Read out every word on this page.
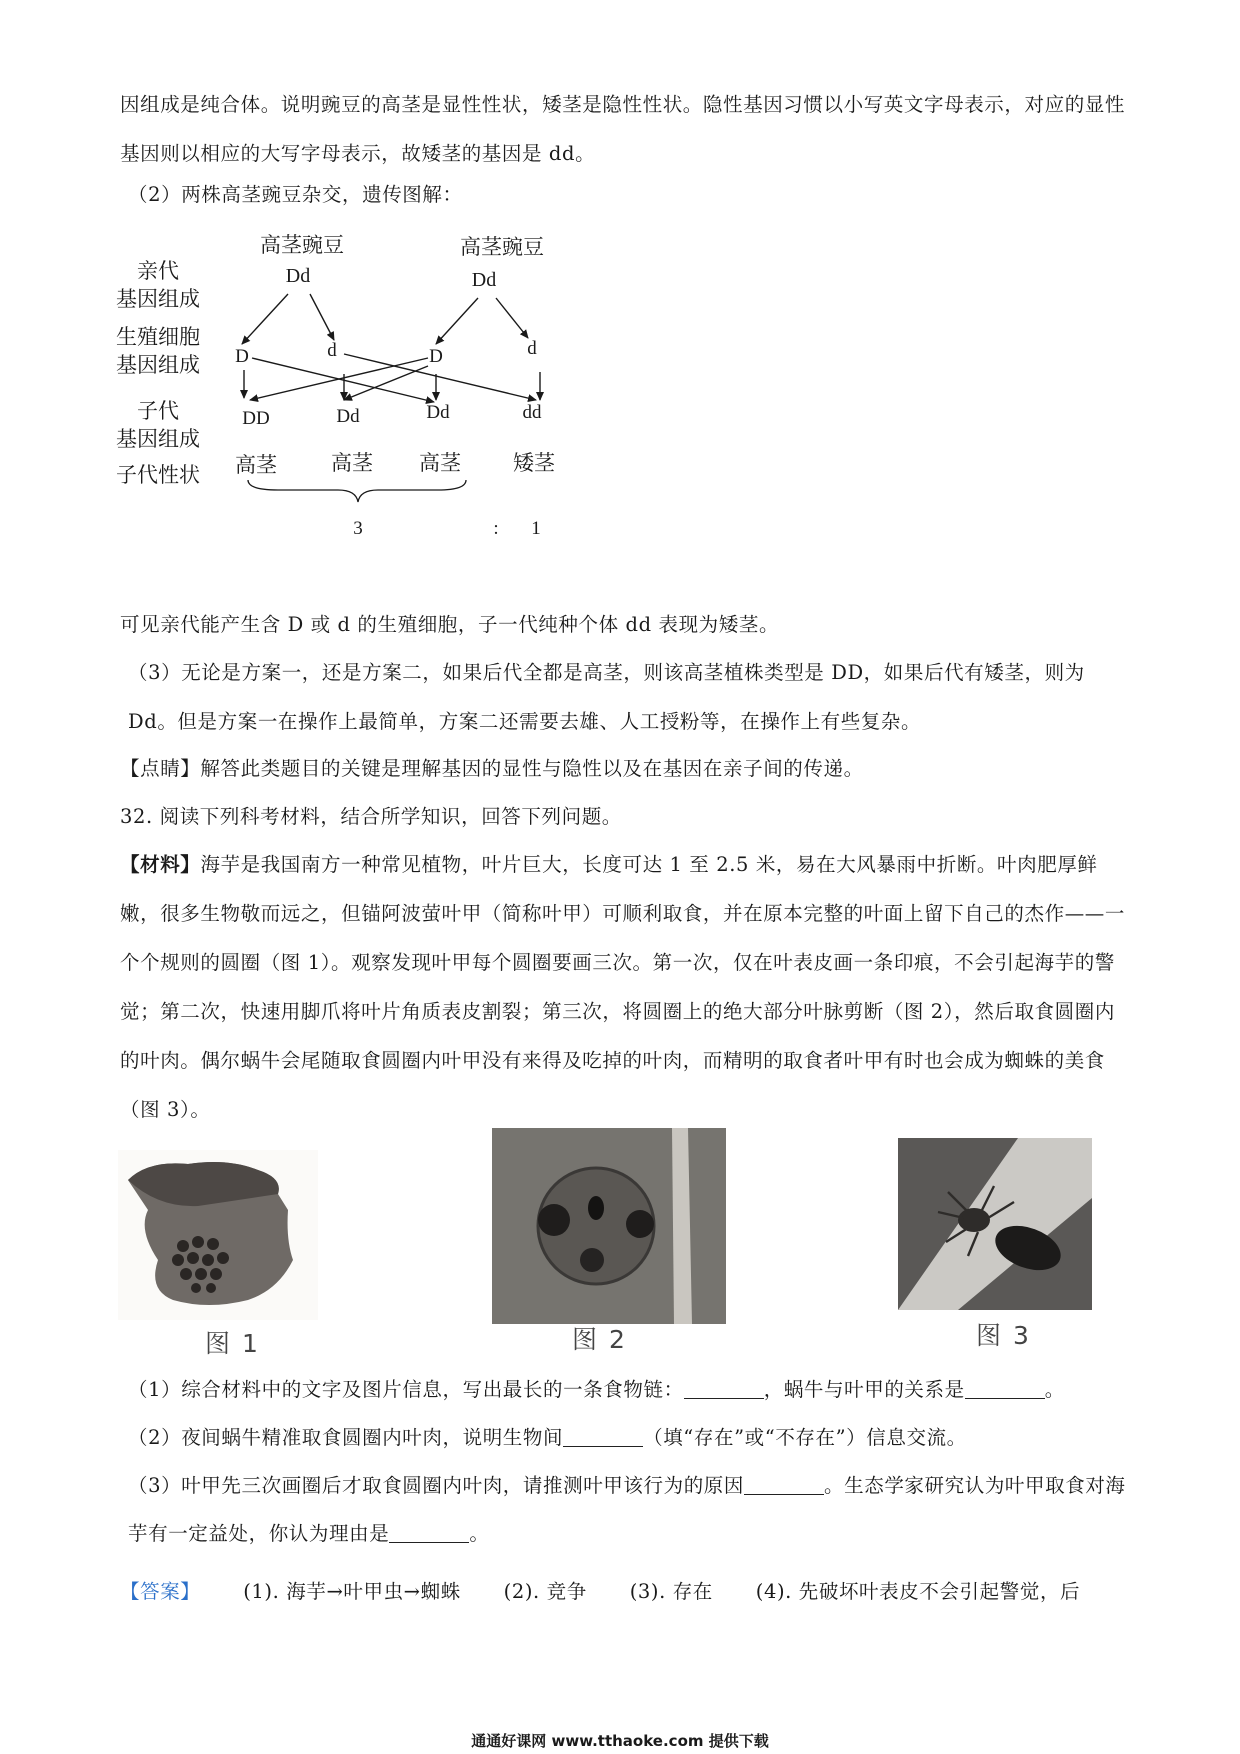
因组成是纯合体。说明豌豆的高茎是显性性状，矮茎是隐性性状。隐性基因习惯以小写英文字母表示，对应的显性基因则以相应的大写字母表示，故矮茎的基因是 dd。

（2）两株高茎豌豆杂交，遗传图解：

亲代
基因组成
生殖细胞
基因组成
子代
基因组成
子代性状
高茎豌豆
Dd
高茎豌豆
Dd
D	d	D	d
DD	Dd	Dd	dd
高茎	高茎 高茎 矮茎
3	: 1

可见亲代能产生含 D 或 d 的生殖细胞，子一代纯种个体 dd 表现为矮茎。

（3）无论是方案一，还是方案二，如果后代全都是高茎，则该高茎植株类型是 DD，如果后代有矮茎，则为 Dd。但是方案一在操作上最简单，方案二还需要去雄、人工授粉等，在操作上有些复杂。

【点睛】解答此类题目的关键是理解基因的显性与隐性以及在基因在亲子间的传递。

32. 阅读下列科考材料，结合所学知识，回答下列问题。

【材料】海芋是我国南方一种常见植物，叶片巨大，长度可达 1 至 2.5 米，易在大风暴雨中折断。叶肉肥厚鲜嫩，很多生物敬而远之，但锚阿波萤叶甲（简称叶甲）可顺利取食，并在原本完整的叶面上留下自己的杰作——一个个规则的圆圈（图 1）。观察发现叶甲每个圆圈要画三次。第一次，仅在叶表皮画一条印痕，不会引起海芋的警觉；第二次，快速用脚爪将叶片角质表皮割裂；第三次，将圆圈上的绝大部分叶脉剪断（图 2），然后取食圆圈内的叶肉。偶尔蜗牛会尾随取食圆圈内叶甲没有来得及吃掉的叶肉，而精明的取食者叶甲有时也会成为蜘蛛的美食（图 3）。

图 1	图 2	图 3

（1）综合材料中的文字及图片信息，写出最长的一条食物链：	，蜗牛与叶甲的关系是	。

（2）夜间蜗牛精准取食圆圈内叶肉，说明生物间	（填“存在”或“不存在”）信息交流。

（3）叶甲先三次画圈后才取食圆圈内叶肉，请推测叶甲该行为的原因	。生态学家研究认为叶甲取食对海芋有一定益处，你认为理由是	。

【答案】 (1). 海芋→叶甲虫→蜘蛛 (2). 竞争 (3). 存在 (4). 先破坏叶表皮不会引起警觉，后
通通好课网 www.tthaoke.com 提供下载
